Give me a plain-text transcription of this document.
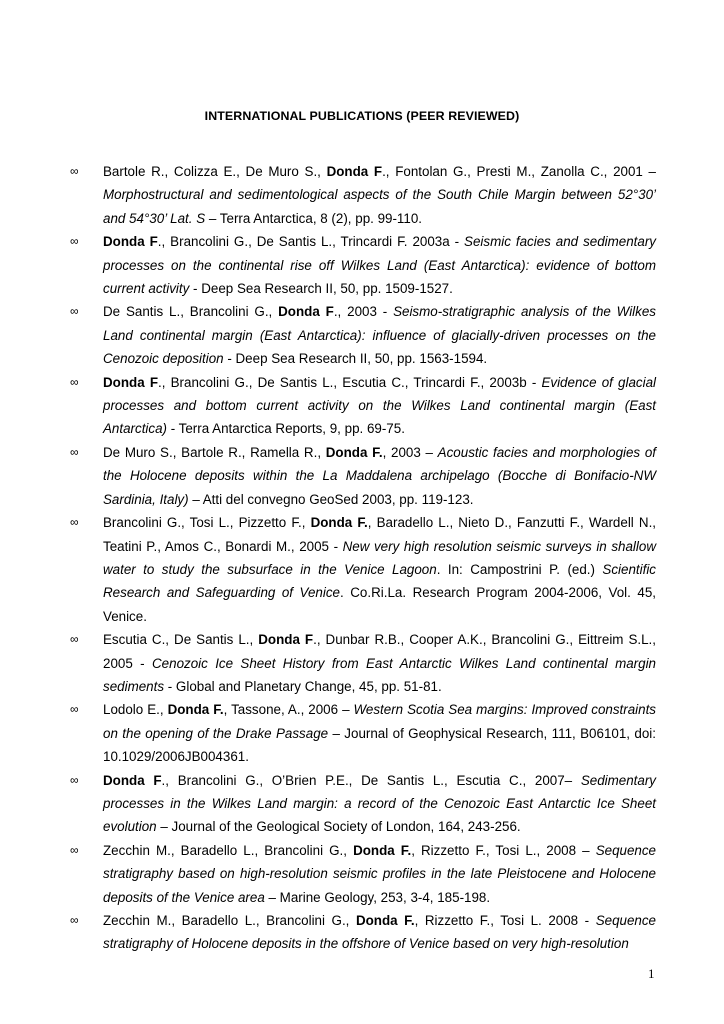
INTERNATIONAL PUBLICATIONS (PEER REVIEWED)
∞ Bartole R., Colizza E., De Muro S., Donda F., Fontolan G., Presti M., Zanolla C., 2001 – Morphostructural and sedimentological aspects of the South Chile Margin between 52°30’ and 54°30’ Lat. S – Terra Antarctica, 8 (2), pp. 99-110.
∞ Donda F., Brancolini G., De Santis L., Trincardi F. 2003a - Seismic facies and sedimentary processes on the continental rise off Wilkes Land (East Antarctica): evidence of bottom current activity - Deep Sea Research II, 50, pp. 1509-1527.
∞ De Santis L., Brancolini G., Donda F., 2003 - Seismo-stratigraphic analysis of the Wilkes Land continental margin (East Antarctica): influence of glacially-driven processes on the Cenozoic deposition - Deep Sea Research II, 50, pp. 1563-1594.
∞ Donda F., Brancolini G., De Santis L., Escutia C., Trincardi F., 2003b - Evidence of glacial processes and bottom current activity on the Wilkes Land continental margin (East Antarctica) - Terra Antarctica Reports, 9, pp. 69-75.
∞ De Muro S., Bartole R., Ramella R., Donda F., 2003 – Acoustic facies and morphologies of the Holocene deposits within the La Maddalena archipelago (Bocche di Bonifacio-NW Sardinia, Italy) – Atti del convegno GeoSed 2003, pp. 119-123.
∞ Brancolini G., Tosi L., Pizzetto F., Donda F., Baradello L., Nieto D., Fanzutti F., Wardell N., Teatini P., Amos C., Bonardi M., 2005 - New very high resolution seismic surveys in shallow water to study the subsurface in the Venice Lagoon. In: Campostrini P. (ed.) Scientific Research and Safeguarding of Venice. Co.Ri.La. Research Program 2004-2006, Vol. 45, Venice.
∞ Escutia C., De Santis L., Donda F., Dunbar R.B., Cooper A.K., Brancolini G., Eittreim S.L., 2005 - Cenozoic Ice Sheet History from East Antarctic Wilkes Land continental margin sediments - Global and Planetary Change, 45, pp. 51-81.
∞ Lodolo E., Donda F., Tassone, A., 2006 – Western Scotia Sea margins: Improved constraints on the opening of the Drake Passage – Journal of Geophysical Research, 111, B06101, doi: 10.1029/2006JB004361.
∞ Donda F., Brancolini G., O’Brien P.E., De Santis L., Escutia C., 2007– Sedimentary processes in the Wilkes Land margin: a record of the Cenozoic East Antarctic Ice Sheet evolution – Journal of the Geological Society of London, 164, 243-256.
∞ Zecchin M., Baradello L., Brancolini G., Donda F., Rizzetto F., Tosi L., 2008 – Sequence stratigraphy based on high-resolution seismic profiles in the late Pleistocene and Holocene deposits of the Venice area – Marine Geology, 253, 3-4, 185-198.
∞ Zecchin M., Baradello L., Brancolini G., Donda F., Rizzetto F., Tosi L. 2008 - Sequence stratigraphy of Holocene deposits in the offshore of Venice based on very high-resolution
1
